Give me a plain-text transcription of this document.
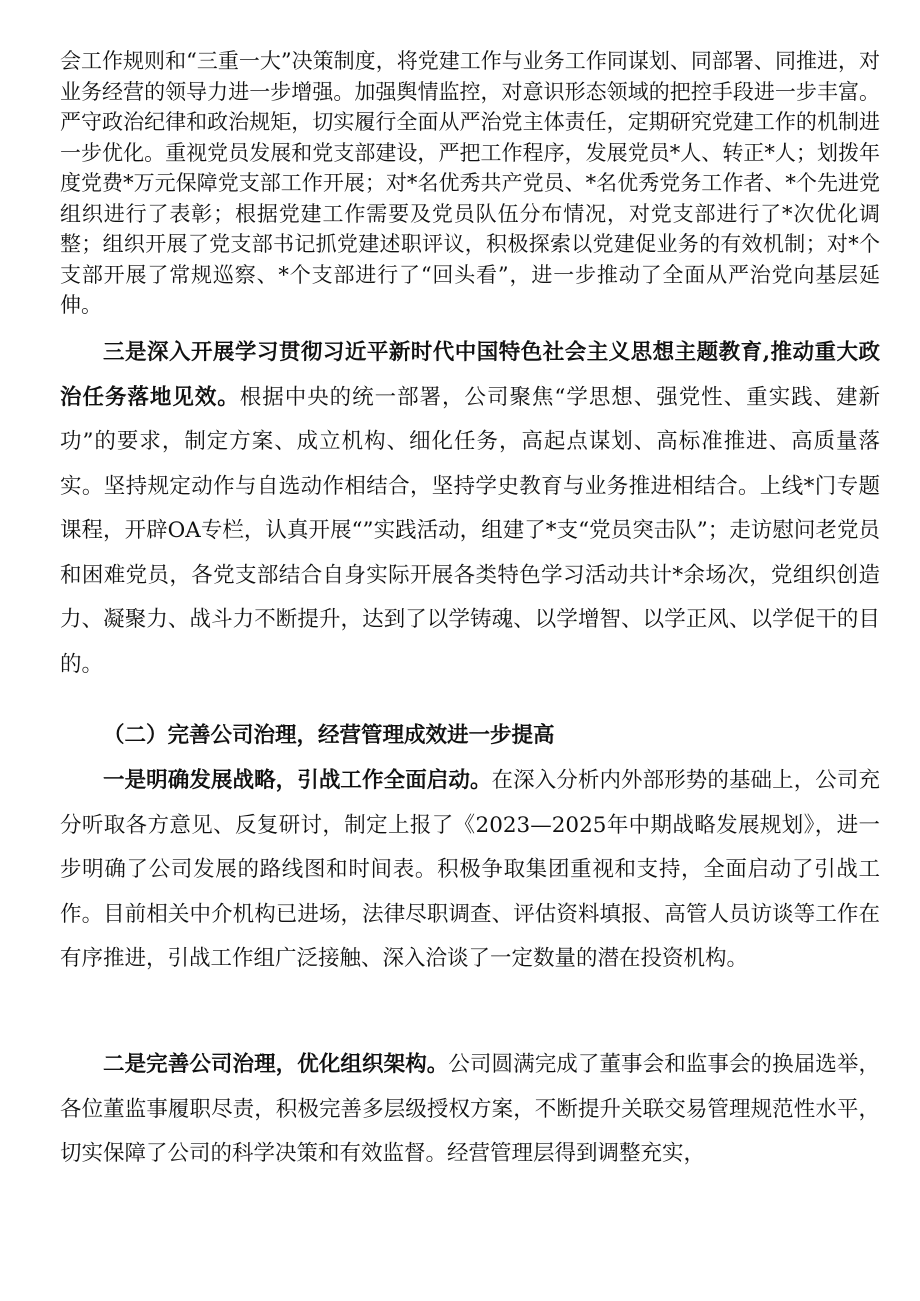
会工作规则和“三重一大”决策制度，将党建工作与业务工作同谋划、同部署、同推进，对业务经营的领导力进一步增强。加强舆情监控，对意识形态领域的把控手段进一步丰富。严守政治纪律和政治规矩，切实履行全面从严治党主体责任，定期研究党建工作的机制进一步优化。重视党员发展和党支部建设，严把工作程序，发展党员*人、转正*人；划拨年度党费*万元保障党支部工作开展；对*名优秀共产党员、*名优秀党务工作者、*个先进党组织进行了表彰；根据党建工作需要及党员队伍分布情况，对党支部进行了*次优化调整；组织开展了党支部书记抓党建述职评议，积极探索以党建促业务的有效机制；对*个支部开展了常规巡察、*个支部进行了“回头看”，进一步推动了全面从严治党向基层延伸。

三是深入开展学习贯彻习近平新时代中国特色社会主义思想主题教育,推动重大政治任务落地见效。根据中央的统一部署，公司聚焦“学思想、强党性、重实践、建新功”的要求，制定方案、成立机构、细化任务，高起点谋划、高标准推进、高质量落实。坚持规定动作与自选动作相结合，坚持学史教育与业务推进相结合。上线*门专题课程，开辟OA专栏，认真开展“”实践活动，组建了*支“党员突击队”；走访慰问老党员和困难党员，各党支部结合自身实际开展各类特色学习活动共计*余场次，党组织创造力、凝聚力、战斗力不断提升，达到了以学铸魂、以学增智、以学正风、以学促干的目的。

（二）完善公司治理，经营管理成效进一步提高

一是明确发展战略，引战工作全面启动。在深入分析内外部形势的基础上，公司充分听取各方意见、反复研讨，制定上报了《2023—2025年中期战略发展规划》，进一步明确了公司发展的路线图和时间表。积极争取集团重视和支持，全面启动了引战工作。目前相关中介机构已进场，法律尽职调查、评估资料填报、高管人员访谈等工作在有序推进，引战工作组广泛接触、深入洽谈了一定数量的潜在投资机构。

二是完善公司治理，优化组织架构。公司圆满完成了董事会和监事会的换届选举，各位董监事履职尽责，积极完善多层级授权方案，不断提升关联交易管理规范性水平，切实保障了公司的科学决策和有效监督。经营管理层得到调整充实，
